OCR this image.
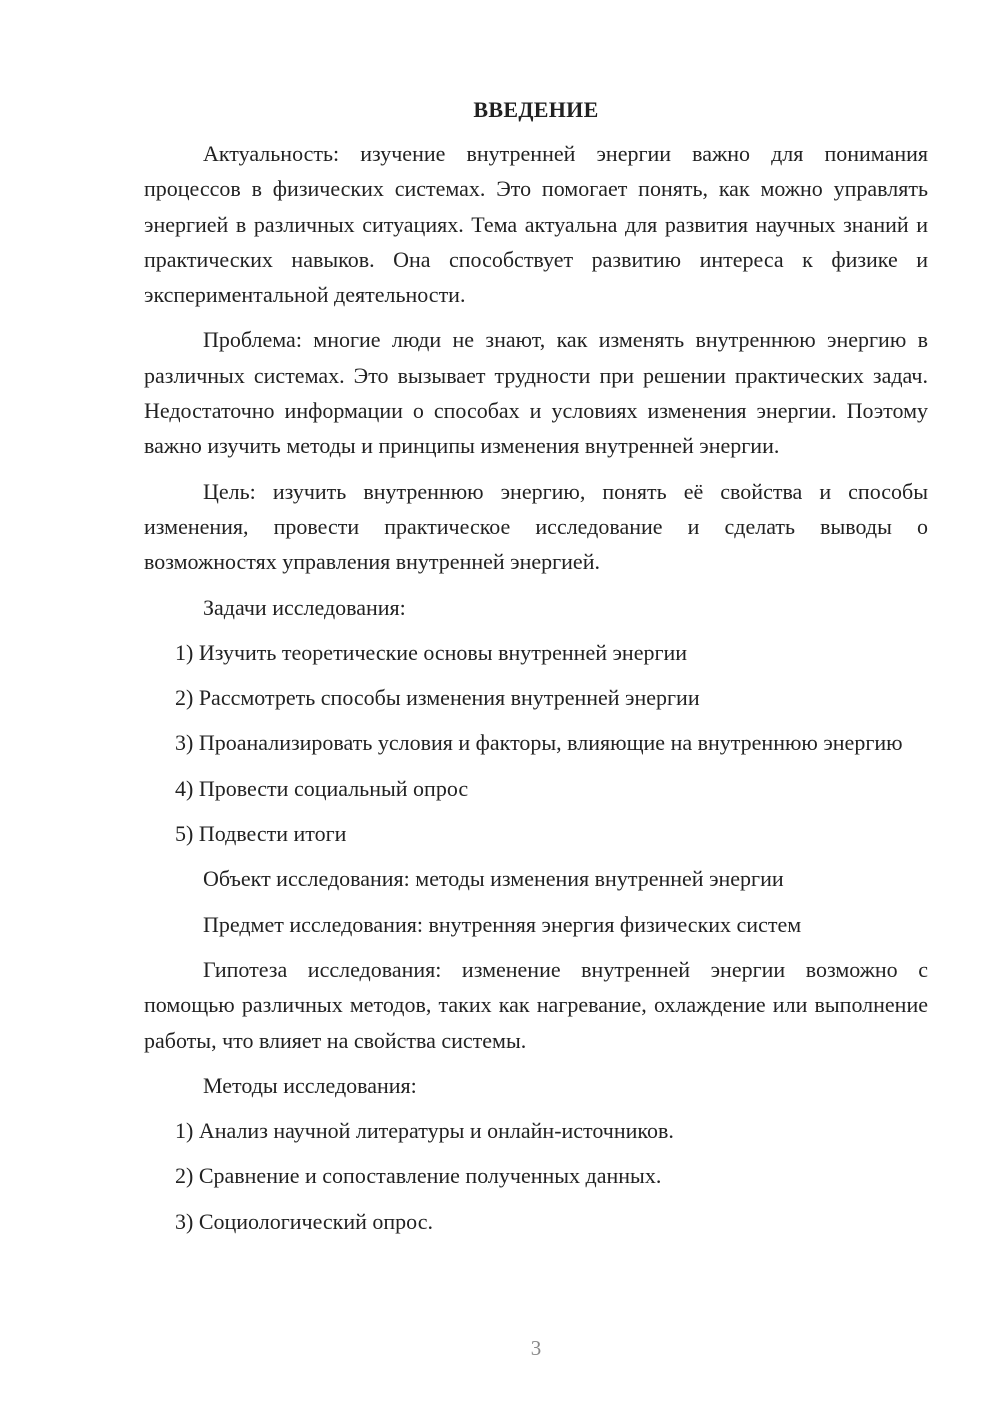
ВВЕДЕНИЕ

Актуальность: изучение внутренней энергии важно для понимания процессов в физических системах. Это помогает понять, как можно управлять энергией в различных ситуациях. Тема актуальна для развития научных знаний и практических навыков. Она способствует развитию интереса к физике и экспериментальной деятельности.

Проблема: многие люди не знают, как изменять внутреннюю энергию в различных системах. Это вызывает трудности при решении практических задач. Недостаточно информации о способах и условиях изменения энергии. Поэтому важно изучить методы и принципы изменения внутренней энергии.

Цель: изучить внутреннюю энергию, понять её свойства и способы изменения, провести практическое исследование и сделать выводы о возможностях управления внутренней энергией.

Задачи исследования:

1) Изучить теоретические основы внутренней энергии

2) Рассмотреть способы изменения внутренней энергии

3) Проанализировать условия и факторы, влияющие на внутреннюю энергию

4) Провести социальный опрос

5) Подвести итоги

Объект исследования: методы изменения внутренней энергии

Предмет исследования: внутренняя энергия физических систем

Гипотеза исследования: изменение внутренней энергии возможно с помощью различных методов, таких как нагревание, охлаждение или выполнение работы, что влияет на свойства системы.

Методы исследования:

1) Анализ научной литературы и онлайн-источников.

2) Сравнение и сопоставление полученных данных.

3) Социологический опрос.

3
